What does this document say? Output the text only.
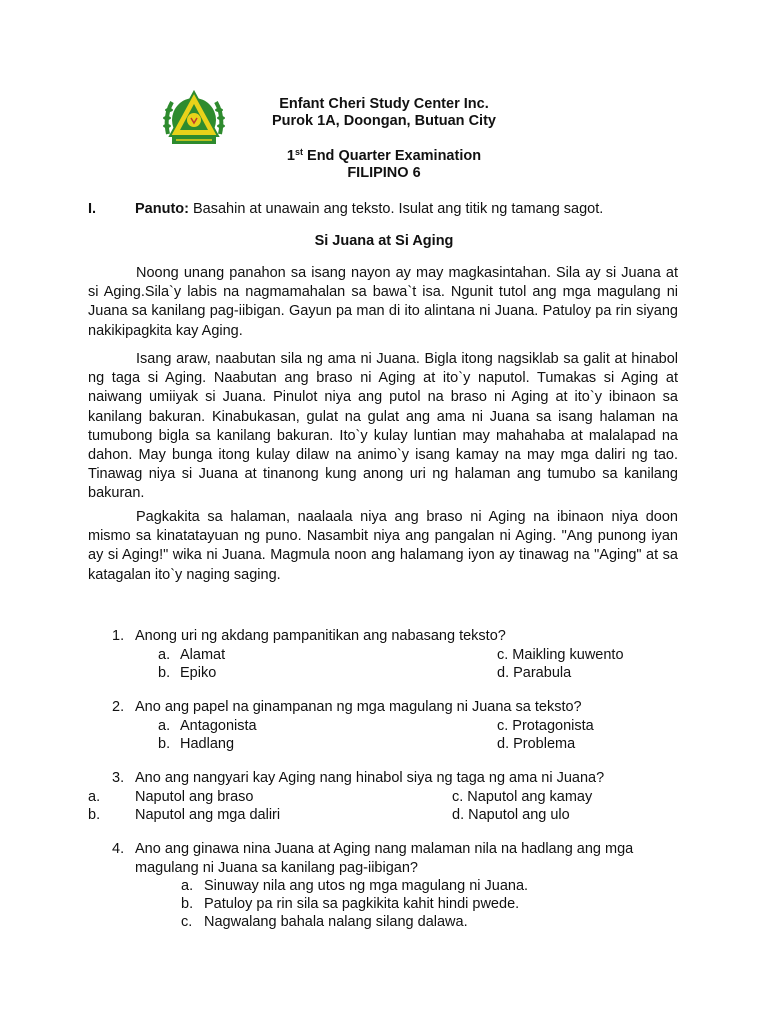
Enfant Cheri Study Center Inc.
Purok 1A, Doongan, Butuan City
1st End Quarter Examination
FILIPINO 6
I.	Panuto: Basahin at unawain ang teksto. Isulat ang titik ng tamang sagot.
Si Juana at Si Aging

Noong unang panahon sa isang nayon ay may magkasintahan. Sila ay si Juana at si Aging.Sila`y labis na nagmamahalan sa bawa`t isa. Ngunit tutol ang mga magulang ni Juana sa kanilang pag-iibigan. Gayun pa man di ito alintana ni Juana. Patuloy pa rin siyang nakikipagkita kay Aging.

Isang araw, naabutan sila ng ama ni Juana. Bigla itong nagsiklab sa galit at hinabol ng taga si Aging. Naabutan ang braso ni Aging at ito`y naputol. Tumakas si Aging at naiwang umiiyak si Juana. Pinulot niya ang putol na braso ni Aging at ito`y ibinaon sa kanilang bakuran. Kinabukasan, gulat na gulat ang ama ni Juana sa isang halaman na tumubong bigla sa kanilang bakuran. Ito`y kulay luntian may mahahaba at malalapad na dahon. May bunga itong kulay dilaw na animo`y isang kamay na may mga daliri ng tao. Tinawag niya si Juana at tinanong kung anong uri ng halaman ang tumubo sa kanilang bakuran.

Pagkakita sa halaman, naalaala niya ang braso ni Aging na ibinaon niya doon mismo sa kinatatayuan ng puno. Nasambit niya ang pangalan ni Aging. "Ang punong iyan ay si Aging!" wika ni Juana. Magmula noon ang halamang iyon ay tinawag na "Aging" at sa katagalan ito`y naging saging.

1. Anong uri ng akdang pampanitikan ang nabasang teksto?
a. Alamat
b. Epiko
c. Maikling kuwento
d. Parabula
2. Ano ang papel na ginampanan ng mga magulang ni Juana sa teksto?
a. Antagonista
b. Hadlang
c. Protagonista
d. Problema
3. Ano ang nangyari kay Aging nang hinabol siya ng taga ng ama ni Juana?
a. Naputol ang braso
b. Naputol ang mga daliri
c. Naputol ang kamay
d. Naputol ang ulo
4. Ano ang ginawa nina Juana at Aging nang malaman nila na hadlang ang mga
magulang ni Juana sa kanilang pag-iibigan?
a. Sinuway nila ang utos ng mga magulang ni Juana.
b. Patuloy pa rin sila sa pagkikita kahit hindi pwede.
c. Nagwalang bahala nalang silang dalawa.
